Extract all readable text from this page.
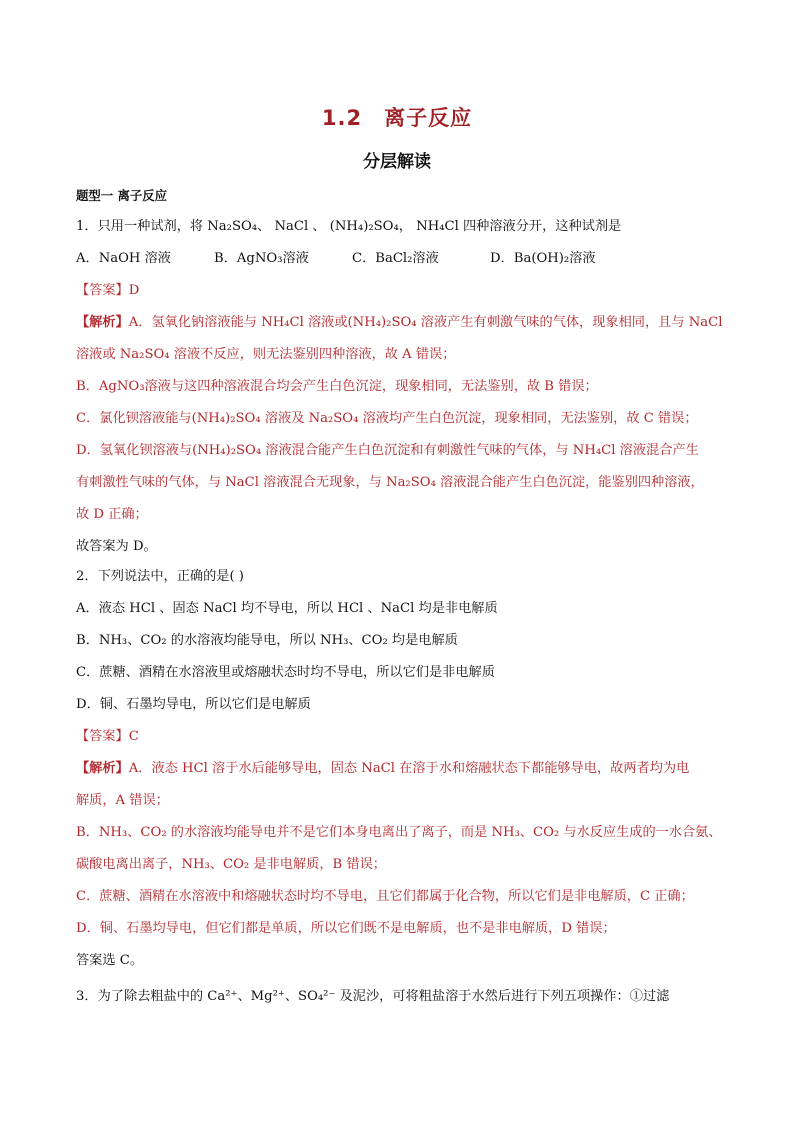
1.2 离子反应
分层解读
题型一 离子反应
1．只用一种试剂，将 Na₂SO₄、 NaCl 、 (NH₄)₂SO₄， NH₄Cl 四种溶液分开，这种试剂是
A．NaOH 溶液	B．AgNO₃溶液	C．BaCl₂溶液	D．Ba(OH)₂溶液
【答案】D
【解析】A．氢氧化钠溶液能与 NH₄Cl 溶液或(NH₄)₂SO₄ 溶液产生有刺激气味的气体，现象相同，且与 NaCl
溶液或 Na₂SO₄ 溶液不反应，则无法鉴别四种溶液，故 A 错误；
B．AgNO₃溶液与这四种溶液混合均会产生白色沉淀，现象相同，无法鉴别，故 B 错误；
C．氯化钡溶液能与(NH₄)₂SO₄ 溶液及 Na₂SO₄ 溶液均产生白色沉淀，现象相同，无法鉴别，故 C 错误；
D．氢氧化钡溶液与(NH₄)₂SO₄ 溶液混合能产生白色沉淀和有刺激性气味的气体，与 NH₄Cl 溶液混合产生
有刺激性气味的气体，与 NaCl 溶液混合无现象，与 Na₂SO₄ 溶液混合能产生白色沉淀，能鉴别四种溶液，
故 D 正确；
故答案为 D。
2．下列说法中，正确的是( )
A．液态 HCl 、固态 NaCl 均不导电，所以 HCl 、NaCl 均是非电解质
B．NH₃、CO₂ 的水溶液均能导电，所以 NH₃、CO₂ 均是电解质
C．蔗糖、酒精在水溶液里或熔融状态时均不导电，所以它们是非电解质
D．铜、石墨均导电，所以它们是电解质
【答案】C
【解析】A．液态 HCl 溶于水后能够导电，固态 NaCl 在溶于水和熔融状态下都能够导电，故两者均为电
解质，A 错误；
B．NH₃、CO₂ 的水溶液均能导电并不是它们本身电离出了离子，而是 NH₃、CO₂ 与水反应生成的一水合氨、
碳酸电离出离子，NH₃、CO₂ 是非电解质，B 错误；
C．蔗糖、酒精在水溶液中和熔融状态时均不导电，且它们都属于化合物，所以它们是非电解质，C 正确；
D．铜、石墨均导电，但它们都是单质，所以它们既不是电解质，也不是非电解质，D 错误；
答案选 C。
3．为了除去粗盐中的 Ca²⁺、Mg²⁺、SO₄²⁻ 及泥沙，可将粗盐溶于水然后进行下列五项操作：①过滤
